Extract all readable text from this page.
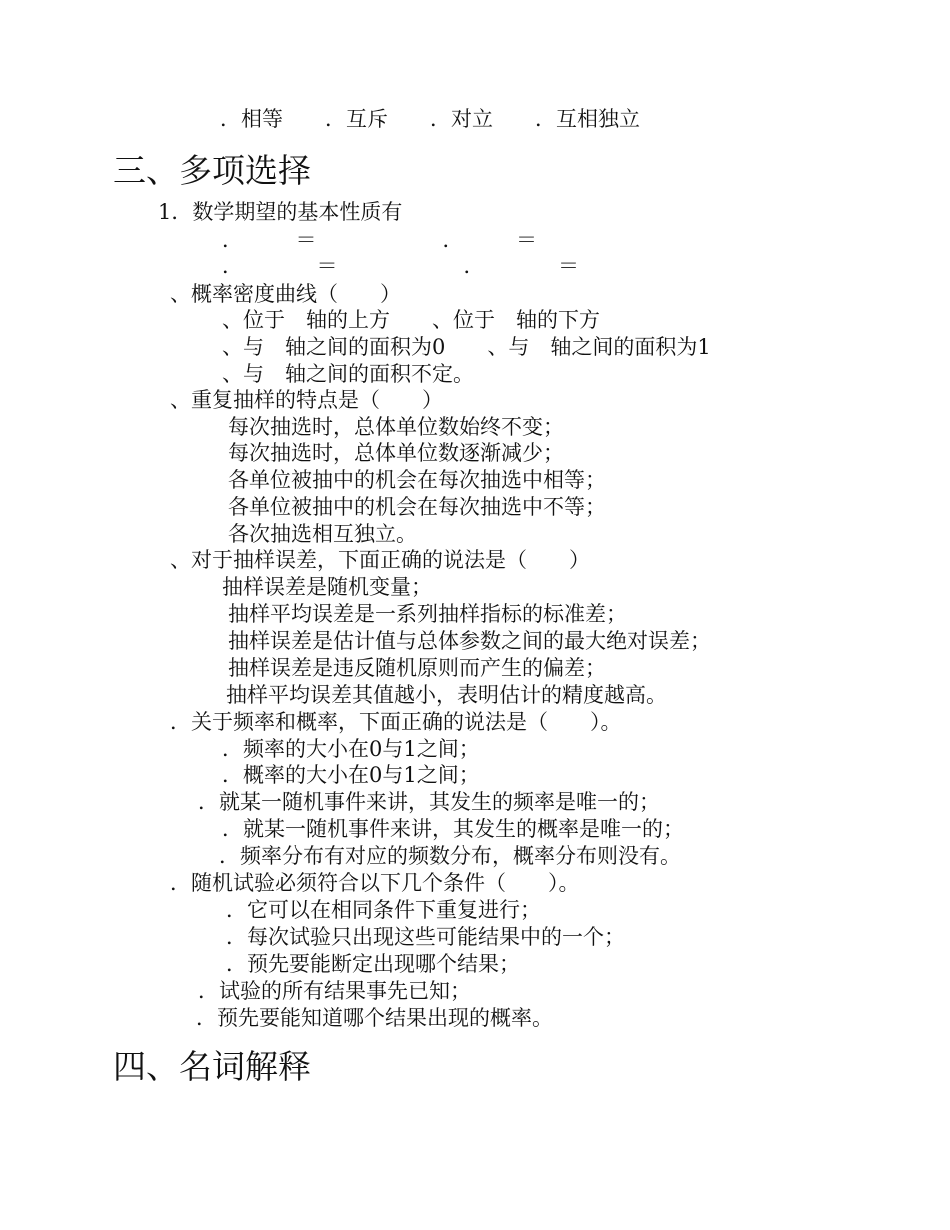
．相等　　．互斥　　．对立　　．互相独立
三、多项选择
1．数学期望的基本性质有
．　　　＝　　　　　　．　　　＝
．　　　　＝　　　　　　．　　　　＝
、概率密度曲线（　　）
、位于　轴的上方　　、位于　轴的下方
、与　轴之间的面积为0　　、与　轴之间的面积为1
、与　轴之间的面积不定。
、重复抽样的特点是（　　）
每次抽选时，总体单位数始终不变；
每次抽选时，总体单位数逐渐减少；
各单位被抽中的机会在每次抽选中相等；
各单位被抽中的机会在每次抽选中不等；
各次抽选相互独立。
、对于抽样误差，下面正确的说法是（　　）
抽样误差是随机变量；
抽样平均误差是一系列抽样指标的标准差；
抽样误差是估计值与总体参数之间的最大绝对误差；
抽样误差是违反随机原则而产生的偏差；
抽样平均误差其值越小，表明估计的精度越高。
．关于频率和概率，下面正确的说法是（　　）。
．频率的大小在0与1之间；
．概率的大小在0与1之间；
．就某一随机事件来讲，其发生的频率是唯一的；
．就某一随机事件来讲，其发生的概率是唯一的；
．频率分布有对应的频数分布，概率分布则没有。
．随机试验必须符合以下几个条件（　　）。
．它可以在相同条件下重复进行；
．每次试验只出现这些可能结果中的一个；
．预先要能断定出现哪个结果；
．试验的所有结果事先已知；
．预先要能知道哪个结果出现的概率。
四、名词解释
